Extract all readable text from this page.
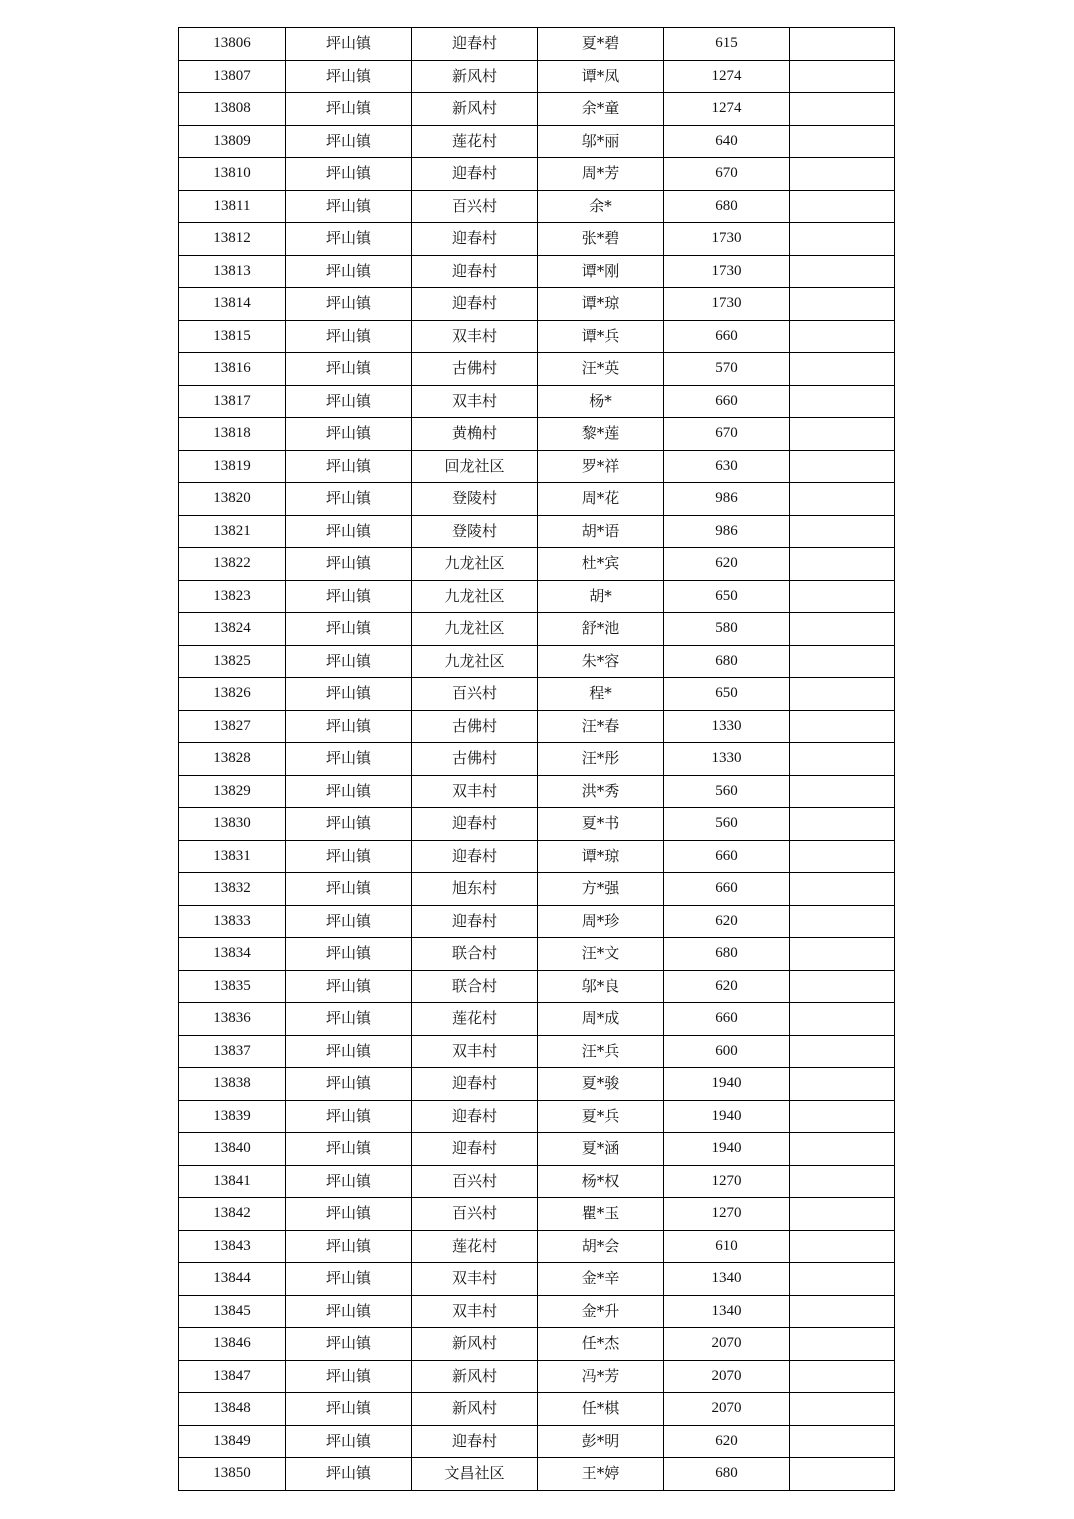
13806	坪山镇	迎春村	夏*碧	615	
13807	坪山镇	新风村	谭*凤	1274	
13808	坪山镇	新风村	余*童	1274	
13809	坪山镇	莲花村	邬*丽	640	
13810	坪山镇	迎春村	周*芳	670	
13811	坪山镇	百兴村	余*	680	
13812	坪山镇	迎春村	张*碧	1730	
13813	坪山镇	迎春村	谭*刚	1730	
13814	坪山镇	迎春村	谭*琼	1730	
13815	坪山镇	双丰村	谭*兵	660	
13816	坪山镇	古佛村	汪*英	570	
13817	坪山镇	双丰村	杨*	660	
13818	坪山镇	黄桷村	黎*莲	670	
13819	坪山镇	回龙社区	罗*祥	630	
13820	坪山镇	登陵村	周*花	986	
13821	坪山镇	登陵村	胡*语	986	
13822	坪山镇	九龙社区	杜*宾	620	
13823	坪山镇	九龙社区	胡*	650	
13824	坪山镇	九龙社区	舒*池	580	
13825	坪山镇	九龙社区	朱*容	680	
13826	坪山镇	百兴村	程*	650	
13827	坪山镇	古佛村	汪*春	1330	
13828	坪山镇	古佛村	汪*彤	1330	
13829	坪山镇	双丰村	洪*秀	560	
13830	坪山镇	迎春村	夏*书	560	
13831	坪山镇	迎春村	谭*琼	660	
13832	坪山镇	旭东村	方*强	660	
13833	坪山镇	迎春村	周*珍	620	
13834	坪山镇	联合村	汪*文	680	
13835	坪山镇	联合村	邬*良	620	
13836	坪山镇	莲花村	周*成	660	
13837	坪山镇	双丰村	汪*兵	600	
13838	坪山镇	迎春村	夏*骏	1940	
13839	坪山镇	迎春村	夏*兵	1940	
13840	坪山镇	迎春村	夏*涵	1940	
13841	坪山镇	百兴村	杨*权	1270	
13842	坪山镇	百兴村	瞿*玉	1270	
13843	坪山镇	莲花村	胡*会	610	
13844	坪山镇	双丰村	金*辛	1340	
13845	坪山镇	双丰村	金*升	1340	
13846	坪山镇	新风村	任*杰	2070	
13847	坪山镇	新风村	冯*芳	2070	
13848	坪山镇	新风村	任*棋	2070	
13849	坪山镇	迎春村	彭*明	620	
13850	坪山镇	文昌社区	王*婷	680	
